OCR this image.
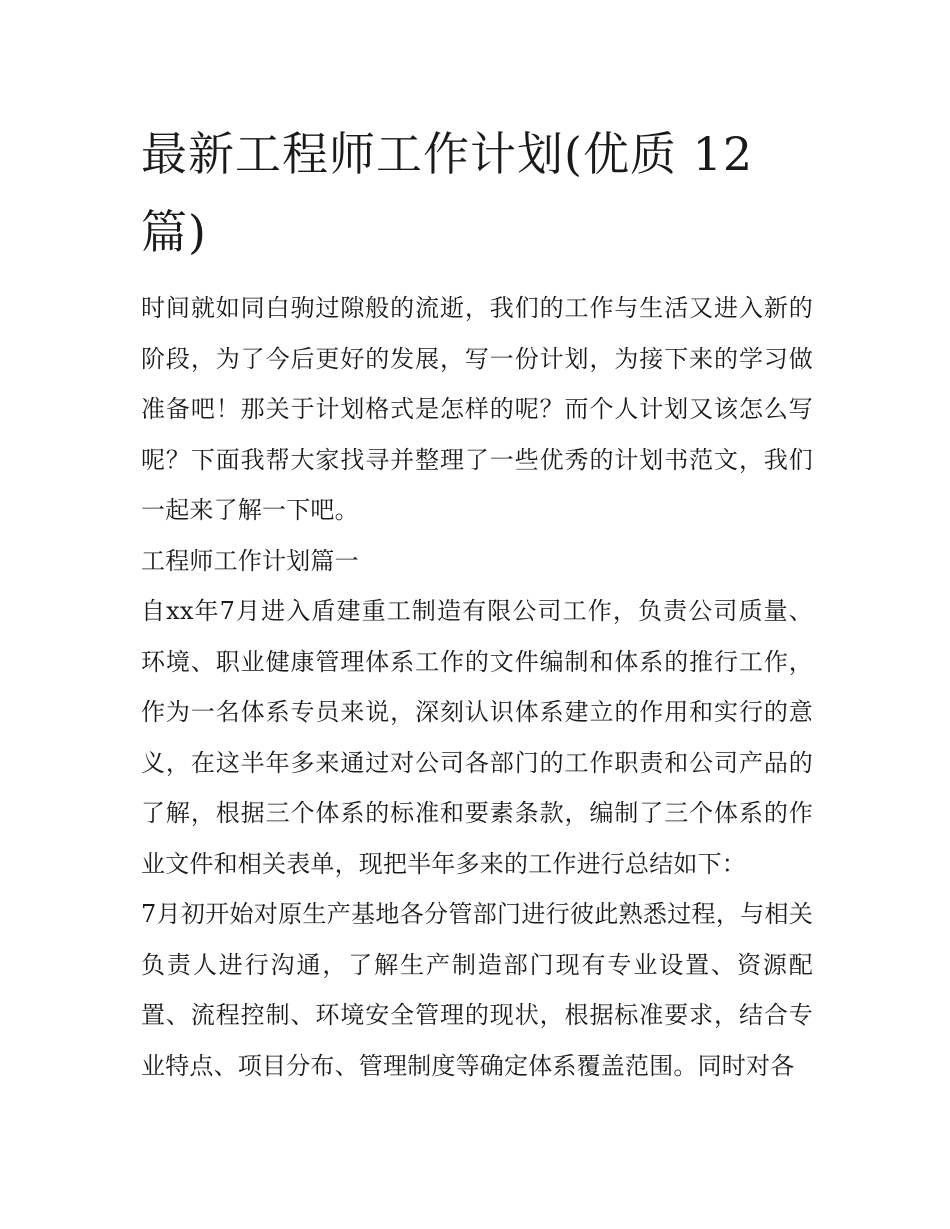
最新工程师工作计划(优质 12篇)

时间就如同白驹过隙般的流逝，我们的工作与生活又进入新的阶段，为了今后更好的发展，写一份计划，为接下来的学习做准备吧！那关于计划格式是怎样的呢？而个人计划又该怎么写呢？下面我帮大家找寻并整理了一些优秀的计划书范文，我们一起来了解一下吧。

工程师工作计划篇一

自xx年7月进入盾建重工制造有限公司工作，负责公司质量、环境、职业健康管理体系工作的文件编制和体系的推行工作，作为一名体系专员来说，深刻认识体系建立的作用和实行的意义，在这半年多来通过对公司各部门的工作职责和公司产品的了解，根据三个体系的标准和要素条款，编制了三个体系的作业文件和相关表单，现把半年多来的工作进行总结如下：

7月初开始对原生产基地各分管部门进行彼此熟悉过程，与相关负责人进行沟通，了解生产制造部门现有专业设置、资源配置、流程控制、环境安全管理的现状，根据标准要求，结合专业特点、项目分布、管理制度等确定体系覆盖范围。同时对各
